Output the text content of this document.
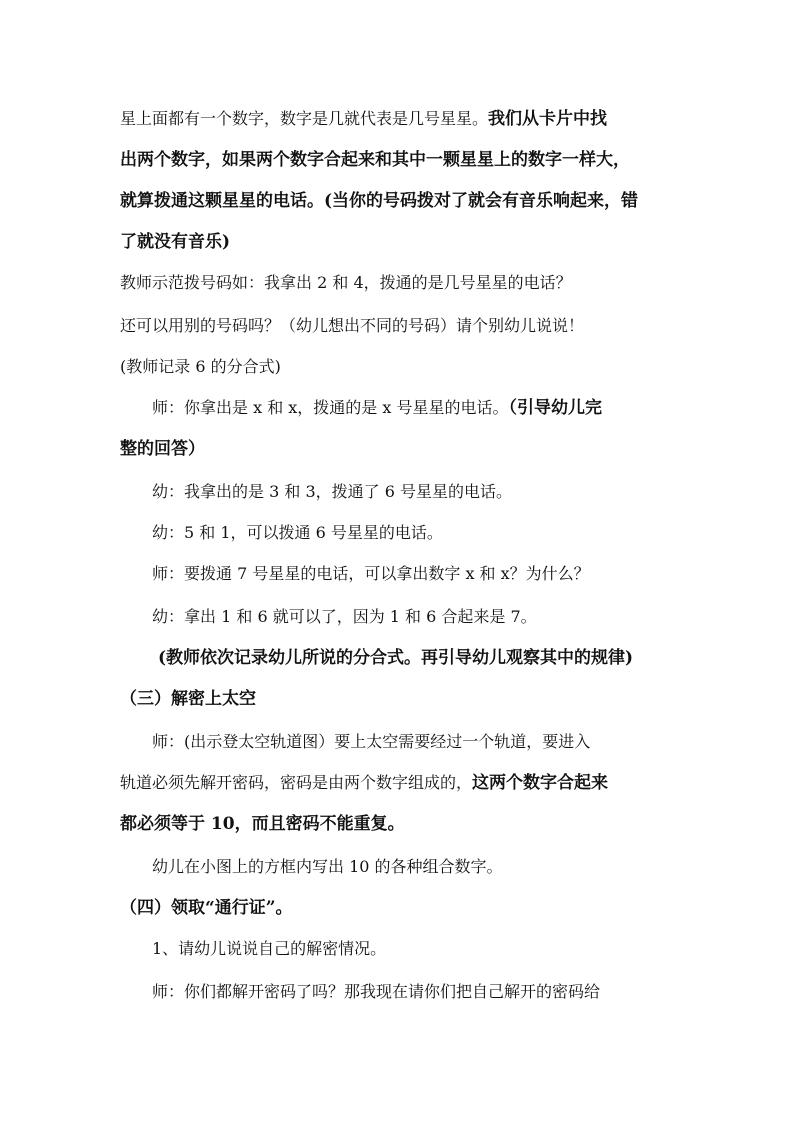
星上面都有一个数字，数字是几就代表是几号星星。我们从卡片中找
出两个数字，如果两个数字合起来和其中一颗星星上的数字一样大，
就算拨通这颗星星的电话。(当你的号码拨对了就会有音乐响起来，错
了就没有音乐)
教师示范拨号码如：我拿出 2 和 4，拨通的是几号星星的电话？
还可以用别的号码吗？（幼儿想出不同的号码）请个别幼儿说说！
(教师记录 6 的分合式)
师：你拿出是 x 和 x，拨通的是 x 号星星的电话。（引导幼儿完
整的回答）
幼：我拿出的是 3 和 3，拨通了 6 号星星的电话。
幼：5 和 1，可以拨通 6 号星星的电话。
师：要拨通 7 号星星的电话，可以拿出数字 x 和 x？为什么？
幼：拿出 1 和 6 就可以了，因为 1 和 6 合起来是 7。
(教师依次记录幼儿所说的分合式。再引导幼儿观察其中的规律)
（三）解密上太空
师：(出示登太空轨道图）要上太空需要经过一个轨道，要进入
轨道必须先解开密码，密码是由两个数字组成的，这两个数字合起来
都必须等于 10，而且密码不能重复。
幼儿在小图上的方框内写出 10 的各种组合数字。
（四）领取“通行证”。
1、请幼儿说说自己的解密情况。
师：你们都解开密码了吗？那我现在请你们把自己解开的密码给
